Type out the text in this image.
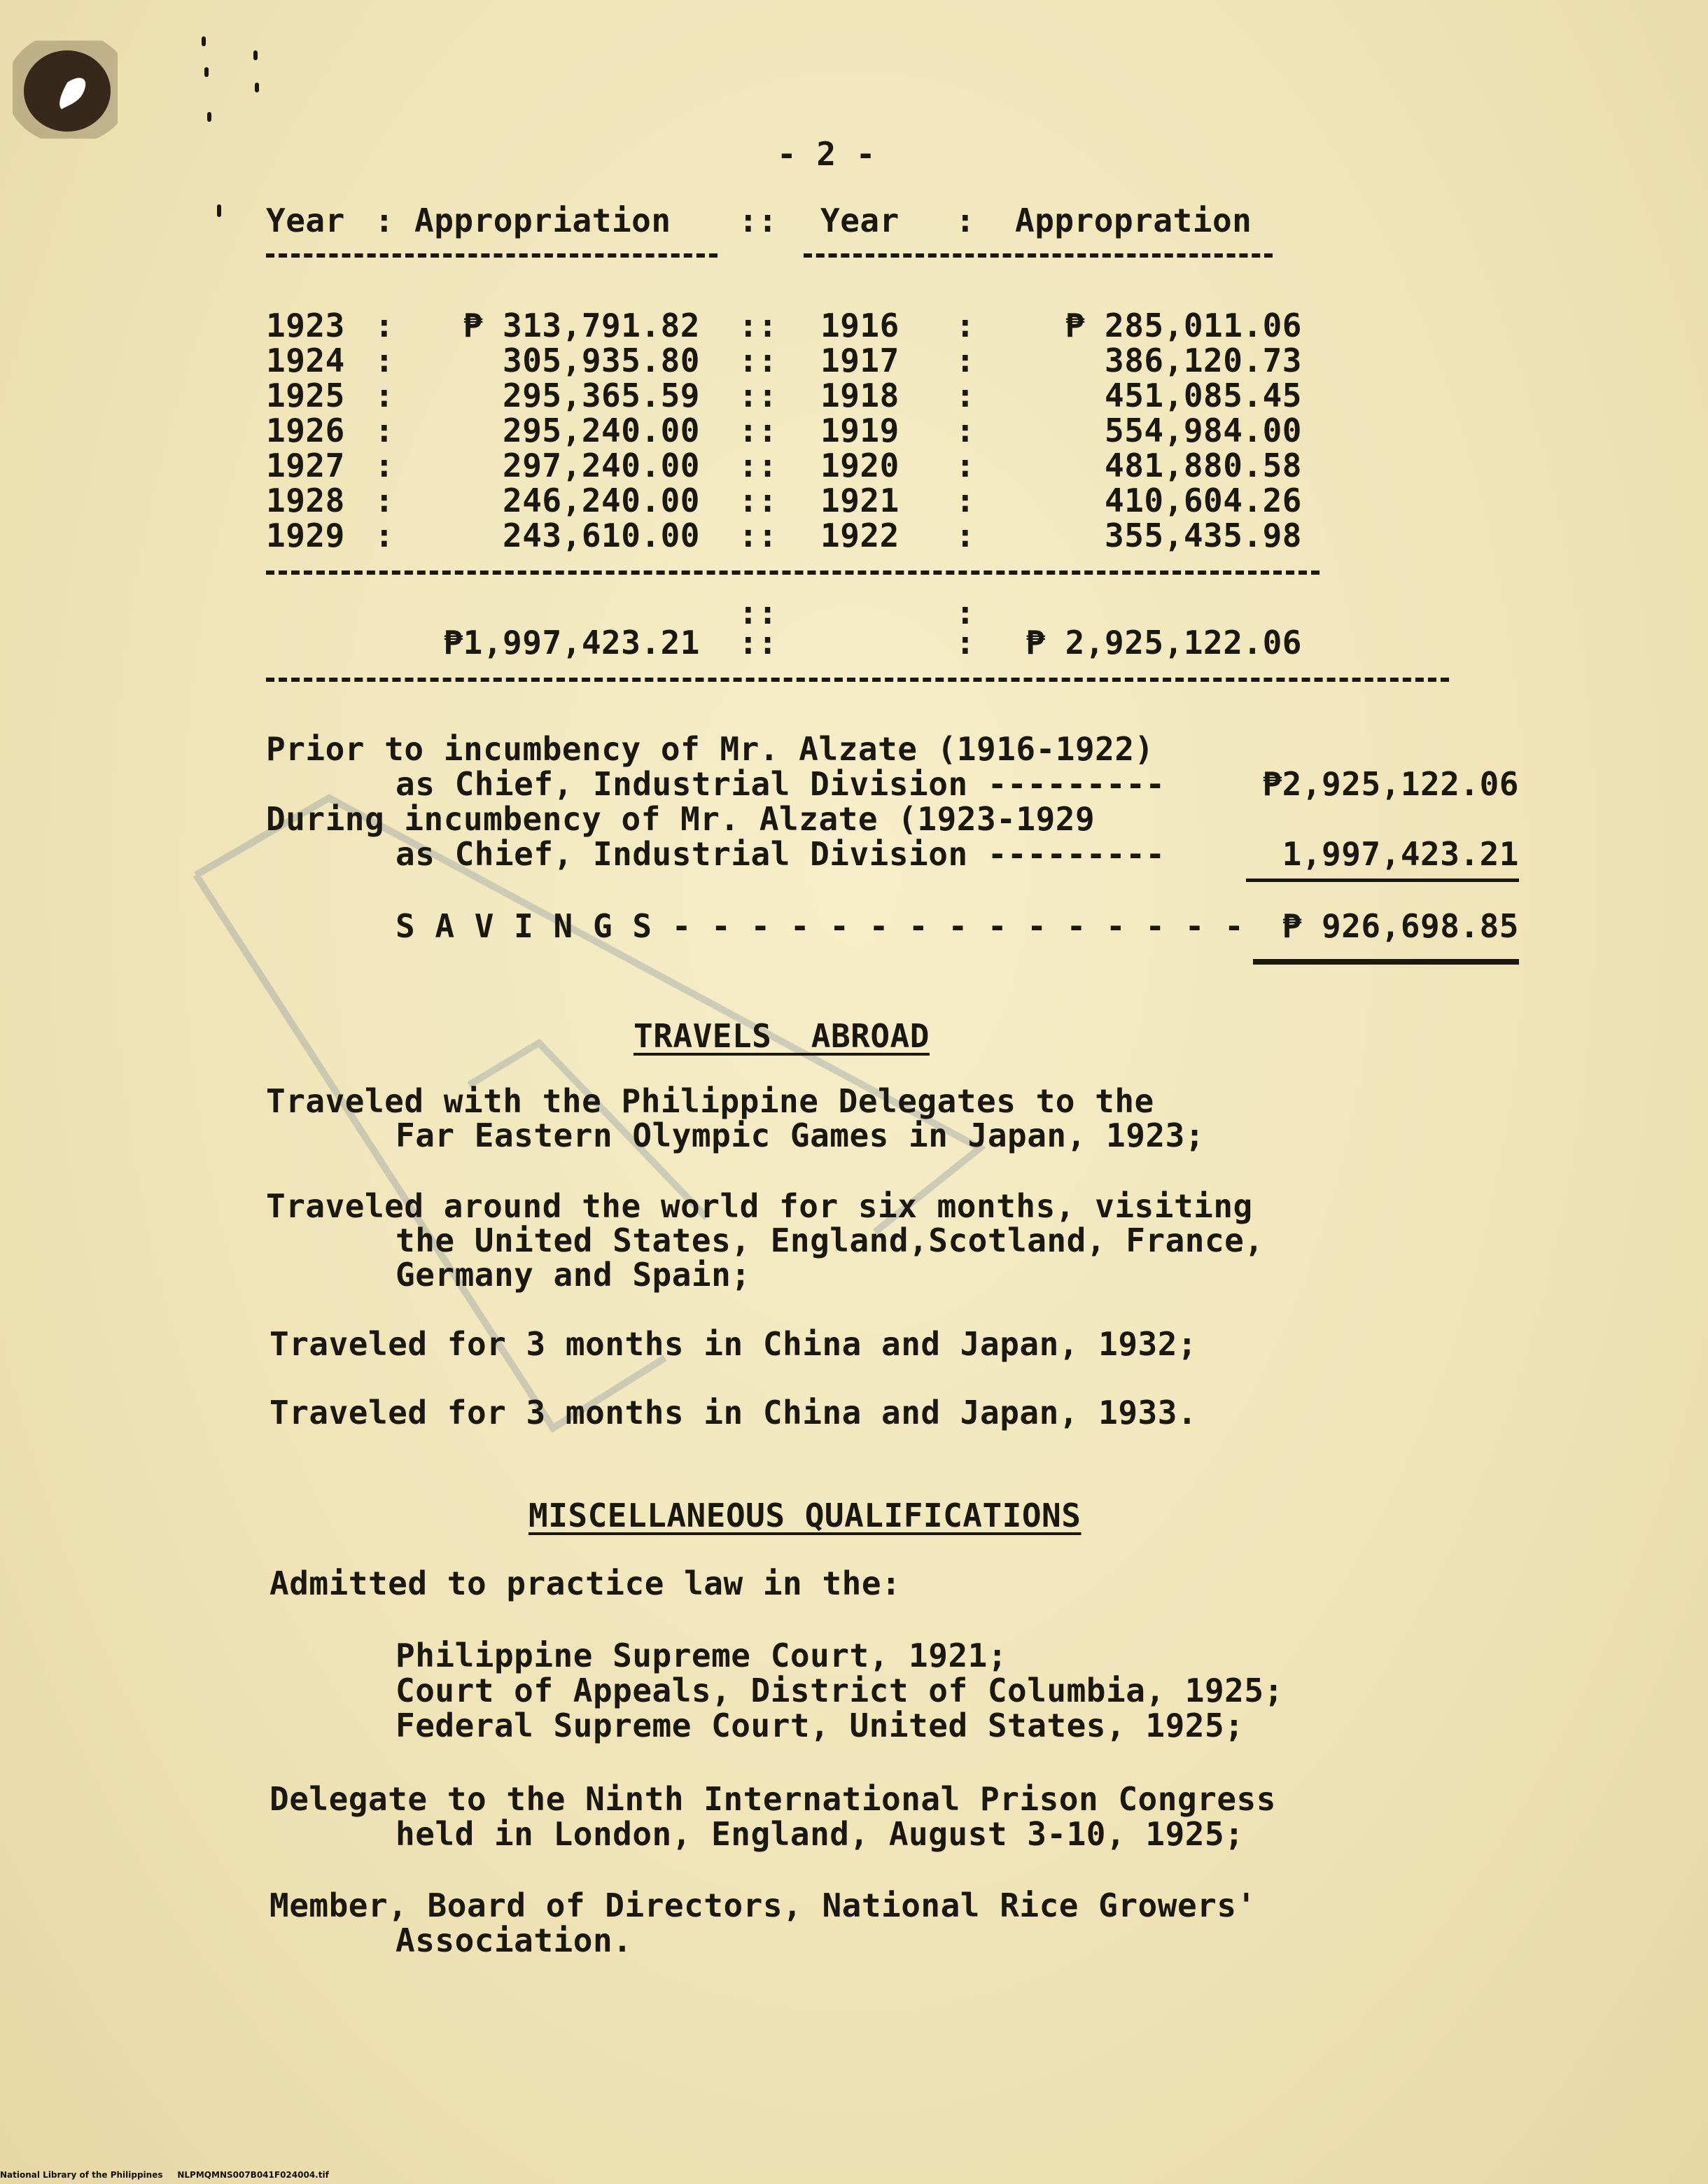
- 2 -
Year : Appropriation :: Year : Appropration
1923 :	₱ 313,791.82 :: 1916 :	₱ 285,011.06
1924 :	305,935.80 :: 1917 :	386,120.73
1925 :	295,365.59 :: 1918 :	451,085.45
1926 :	295,240.00 :: 1919 :	554,984.00
1927 :	297,240.00 :: 1920 :	481,880.58
1928 :	246,240.00 :: 1921 :	410,604.26
1929 :	243,610.00 :: 1922 :	355,435.98
::	:
₱1,997,423.21 ::	:	₱ 2,925,122.06
Prior to incumbency of Mr. Alzate (1916-1922)
as Chief, Industrial Division ---------	₱2,925,122.06
During incumbency of Mr. Alzate (1923-1929
as Chief, Industrial Division ---------	1,997,423.21
S A V I N G S - - - - - - - - - - - - - - -	₱ 926,698.85
TRAVELS  ABROAD
Traveled with the Philippine Delegates to the
Far Eastern Olympic Games in Japan, 1923;
Traveled around the world for six months, visiting
the United States, England,Scotland, France,
Germany and Spain;
Traveled for 3 months in China and Japan, 1932;
Traveled for 3 months in China and Japan, 1933.
MISCELLANEOUS QUALIFICATIONS
Admitted to practice law in the:
Philippine Supreme Court, 1921;
Court of Appeals, District of Columbia, 1925;
Federal Supreme Court, United States, 1925;
Delegate to the Ninth International Prison Congress
held in London, England, August 3-10, 1925;
Member, Board of Directors, National Rice Growers'
Association.
National Library of the Philippines     NLPMQMNS007B041F024004.tif
